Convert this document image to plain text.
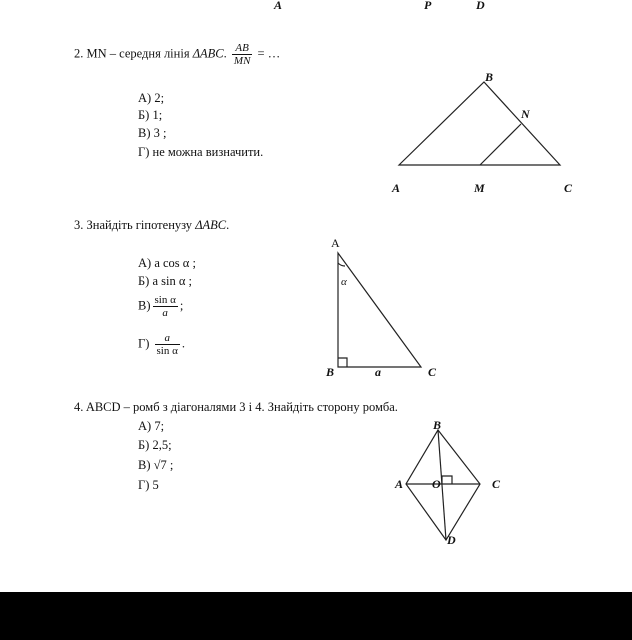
A	P	D
2. MN – середня лінія ΔABC. $\frac{AB}{MN}$ = …
А) 2;
Б) 1;
В) 3 ;
Г) не можна визначити.
B
N
A	M	C
3. Знайдіть гіпотенузу ΔABC.
А) a cos α ;
Б) a sin α ;
$В) \frac{\text{sin α}}{a}$ ;
$Г) \frac{a}{\text{sin α}}$ .
A
α
B	a	C
4. ABCD – ромб з діагоналями 3 і 4. Знайдіть сторону ромба.
А) 7;
Б) 2,5;
В) √7 ;
Г) 5
B
A O	C
D
